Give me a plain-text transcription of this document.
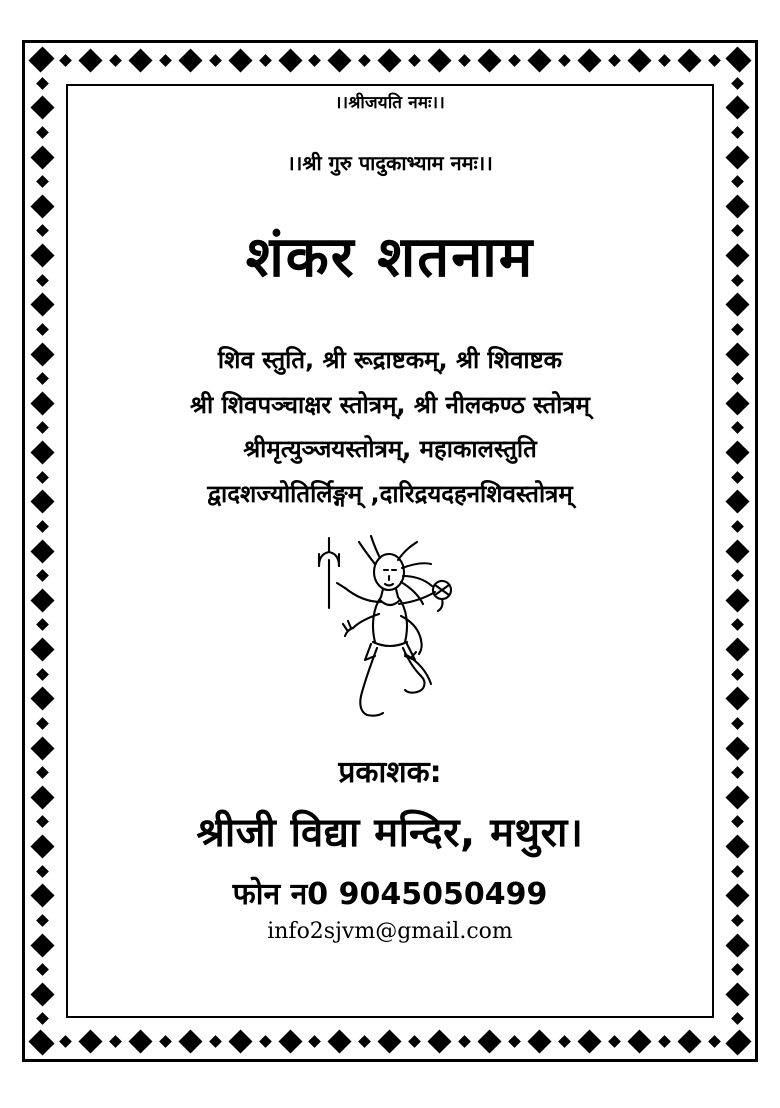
।।श्रीजयति नमः।।
।।श्री गुरु पादुकाभ्याम नमः।।
शंकर शतनाम
शिव स्तुति, श्री रूद्राष्टकम्, श्री शिवाष्टक
श्री शिवपञ्चाक्षर स्तोत्रम्, श्री नीलकण्ठ स्तोत्रम्
श्रीमृत्युञ्जयस्तोत्रम्, महाकालस्तुति
द्वादशज्योतिर्लिङ्गम् ,दारिद्रयदहनशिवस्तोत्रम्
प्रकाशक:
श्रीजी विद्या मन्दिर, मथुरा।
फोन न0 9045050499
info2sjvm@gmail.com
